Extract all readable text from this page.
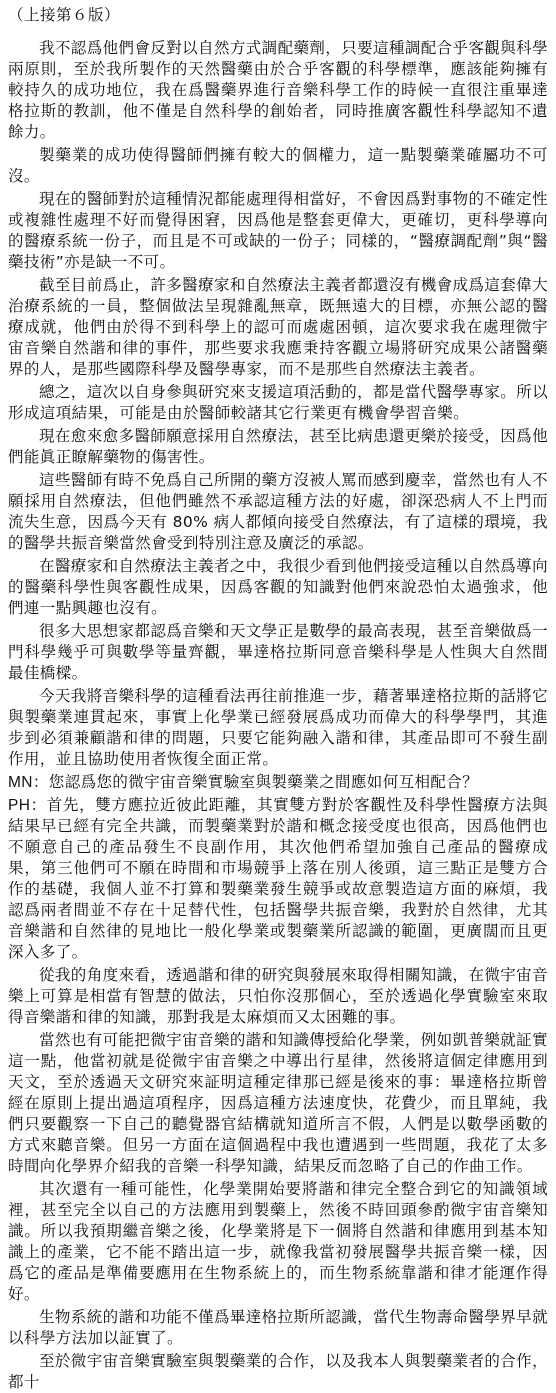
（上接第６版）
我不認爲他們會反對以自然方式調配藥劑，只要這種調配合乎客觀與科學兩原則，至於我所製作的天然醫藥由於合乎客觀的科學標準，應該能夠擁有較持久的成功地位，我在爲醫藥界進行音樂科學工作的時候一直很注重畢達格拉斯的教訓，他不僅是自然科學的創始者，同時推廣客觀性科學認知不遺餘力。
製藥業的成功使得醫師們擁有較大的個權力，這一點製藥業確屬功不可沒。
現在的醫師對於這種情況都能處理得相當好，不會因爲對事物的不確定性或複雜性處理不好而覺得困窘，因爲他是整套更偉大，更確切，更科學導向的醫療系統一份子，而且是不可或缺的一份子；同樣的，“醫療調配劑”與“醫藥技術”亦是缺一不可。
截至目前爲止，許多醫療家和自然療法主義者都還沒有機會成爲這套偉大治療系統的一員，整個做法呈現雜亂無章，既無遠大的目標，亦無公認的醫療成就，他們由於得不到科學上的認可而處處困頓，這次要求我在處理微宇宙音樂自然諧和律的事件，那些要求我應秉持客觀立場將研究成果公諸醫藥界的人，是那些國際科學及醫學專家，而不是那些自然療法主義者。
總之，這次以自身參與研究來支援這項活動的，都是當代醫學專家。所以形成這項結果，可能是由於醫師較諸其它行業更有機會學習音樂。
現在愈來愈多醫師願意採用自然療法，甚至比病患還更樂於接受，因爲他們能眞正瞭解藥物的傷害性。
這些醫師有時不免爲自己所開的藥方沒被人罵而感到慶幸，當然也有人不願採用自然療法，但他們雖然不承認這種方法的好處，卻深恐病人不上門而流失生意，因爲今天有 80% 病人都傾向接受自然療法，有了這樣的環境，我的醫學共振音樂當然會受到特別注意及廣泛的承認。
在醫療家和自然療法主義者之中，我很少看到他們接受這種以自然爲導向的醫藥科學性與客觀性成果，因爲客觀的知識對他們來說恐怕太過強求，他們連一點興趣也沒有。
很多大思想家都認爲音樂和天文學正是數學的最高表現，甚至音樂做爲一門科學幾乎可與數學等量齊觀，畢達格拉斯同意音樂科學是人性與大自然間最佳橋樑。
今天我將音樂科學的這種看法再往前推進一步，藉著畢達格拉斯的話將它與製藥業連貫起來，事實上化學業已經發展爲成功而偉大的科學學門，其進步到必須兼顧諧和律的問題，只要它能夠融入諧和律，其產品即可不發生副作用，並且協助使用者恢復全面正常。
MN：您認爲您的微宇宙音樂實驗室與製藥業之間應如何互相配合？
PH：首先，雙方應拉近彼此距離，其實雙方對於客觀性及科學性醫療方法與結果早已經有完全共識，而製藥業對於諧和概念接受度也很高，因爲他們也不願意自己的產品發生不良副作用，其次他們希望加強自己產品的醫療成果，第三他們可不願在時間和市場競爭上落在別人後頭，這三點正是雙方合作的基礎，我個人並不打算和製藥業發生競爭或故意製造這方面的麻煩，我認爲兩者間並不存在十足替代性，包括醫學共振音樂，我對於自然律，尤其音樂諧和自然律的見地比一般化學業或製藥業所認識的範圍，更廣闊而且更深入多了。
從我的角度來看，透過諧和律的研究與發展來取得相關知識，在微宇宙音樂上可算是相當有智慧的做法，只怕你沒那個心，至於透過化學實驗室來取得音樂諧和律的知識，那對我是太麻煩而又太困難的事。
當然也有可能把微宇宙音樂的諧和知識傳授給化學業，例如凱普樂就証實這一點，他當初就是從微宇宙音樂之中導出行星律，然後將這個定律應用到天文，至於透過天文研究來証明這種定律那已經是後來的事：畢達格拉斯曾經在原則上提出過這項程序，因爲這種方法速度快，花費少，而且單純，我們只要觀察一下自己的聽覺器官結構就知道所言不假，人們是以數學函數的方式來聽音樂。但另一方面在這個過程中我也遭遇到一些問題，我花了太多時間向化學界介紹我的音樂一科學知識，結果反而忽略了自己的作曲工作。
其次還有一種可能性，化學業開始要將諧和律完全整合到它的知識領域裡，甚至完全以自己的方法應用到製藥上，然後不時回頭參酌微宇宙音樂知識。所以我預期繼音樂之後，化學業將是下一個將自然諧和律應用到基本知識上的產業，它不能不踏出這一步，就像我當初發展醫學共振音樂一樣，因爲它的產品是準備要應用在生物系統上的，而生物系統靠諧和律才能運作得好。
生物系統的諧和功能不僅爲畢達格拉斯所認識，當代生物壽命醫學界早就以科學方法加以証實了。
至於微宇宙音樂實驗室與製藥業的合作，以及我本人與製藥業者的合作，都十
